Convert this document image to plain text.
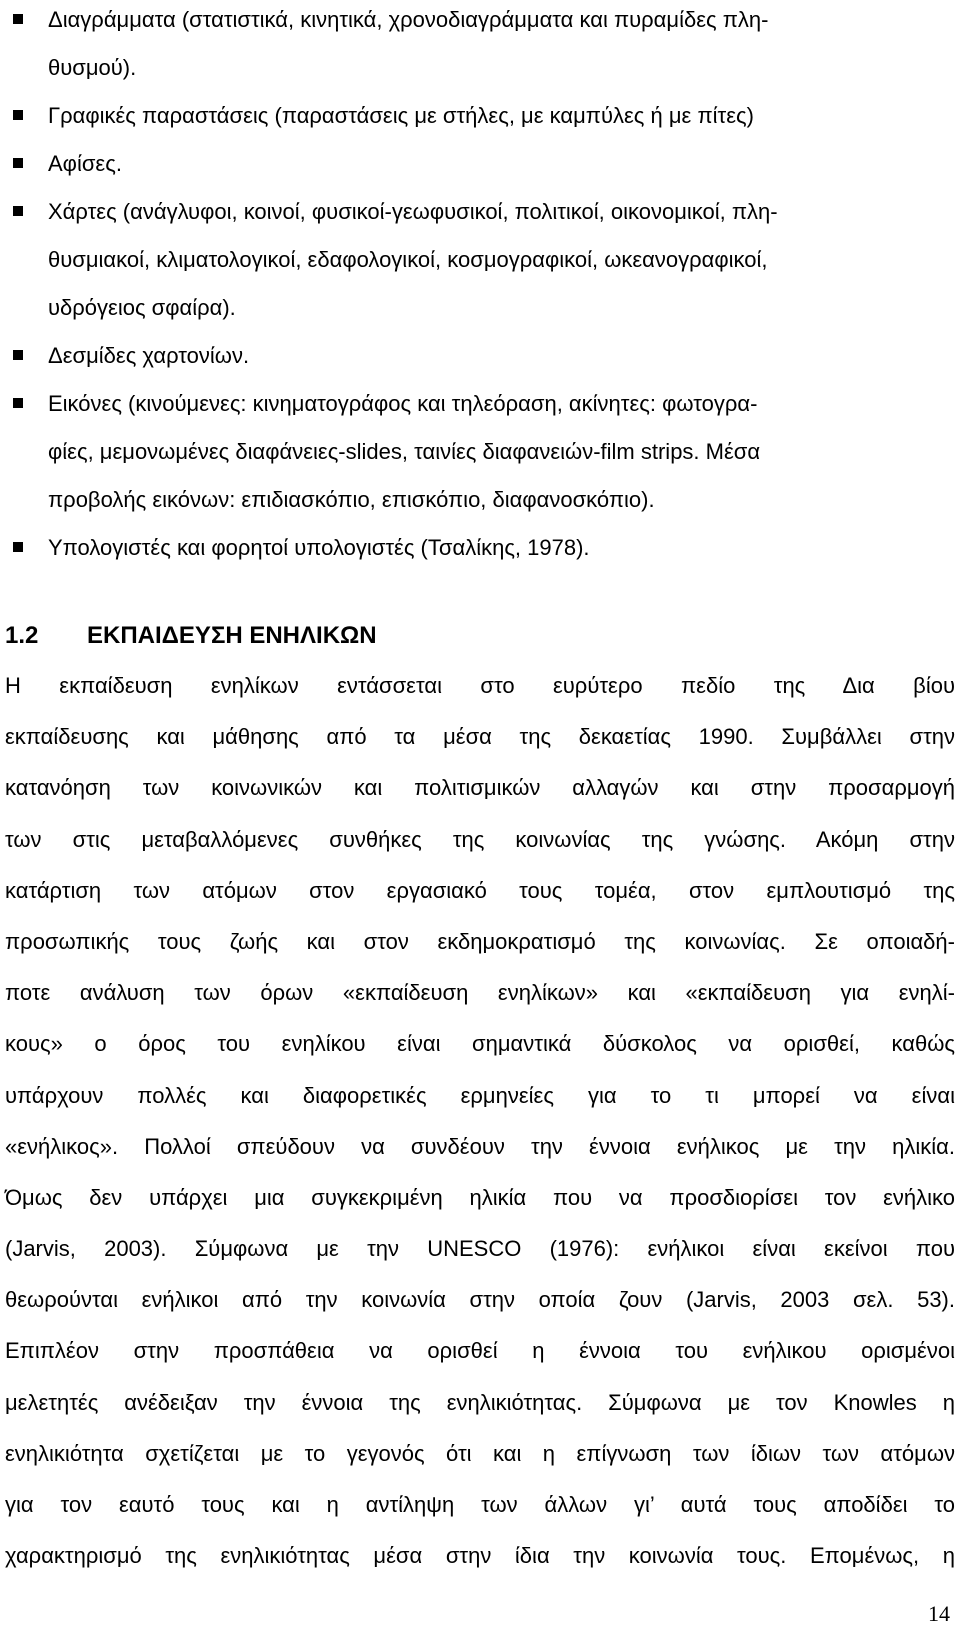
Διαγράμματα (στατιστικά, κινητικά, χρονοδιαγράμματα και πυραμίδες πλη-
θυσμού).
Γραφικές παραστάσεις (παραστάσεις με στήλες, με καμπύλες ή με πίτες)
Αφίσες.
Χάρτες (ανάγλυφοι, κοινοί, φυσικοί-γεωφυσικοί, πολιτικοί, οικονομικοί, πλη-
θυσμιακοί, κλιματολογικοί, εδαφολογικοί, κοσμογραφικοί, ωκεανογραφικοί,
υδρόγειος σφαίρα).
Δεσμίδες χαρτονίων.
Εικόνες (κινούμενες: κινηματογράφος και τηλεόραση, ακίνητες: φωτογρα-
φίες, μεμονωμένες διαφάνειες-slides, ταινίες διαφανειών-film strips. Μέσα
προβολής εικόνων: επιδιασκόπιο, επισκόπιο, διαφανοσκόπιο).
Υπολογιστές και φορητοί υπολογιστές (Τσαλίκης, 1978).
1.2 ΕΚΠΑΙΔΕΥΣΗ ΕΝΗΛΙΚΩΝ
Η εκπαίδευση ενηλίκων εντάσσεται στο ευρύτερο πεδίο της Δια βίου
εκπαίδευσης και μάθησης από τα μέσα της δεκαετίας 1990. Συμβάλλει στην
κατανόηση των κοινωνικών και πολιτισμικών αλλαγών και στην προσαρμογή
των στις μεταβαλλόμενες συνθήκες της κοινωνίας της γνώσης. Ακόμη στην
κατάρτιση των ατόμων στον εργασιακό τους τομέα, στον εμπλουτισμό της
προσωπικής τους ζωής και στον εκδημοκρατισμό της κοινωνίας. Σε οποιαδή-
ποτε ανάλυση των όρων «εκπαίδευση ενηλίκων» και «εκπαίδευση για ενηλί-
κους» ο όρος του ενηλίκου είναι σημαντικά δύσκολος να ορισθεί, καθώς
υπάρχουν πολλές και διαφορετικές ερμηνείες για το τι μπορεί να είναι
«ενήλικος». Πολλοί σπεύδουν να συνδέουν την έννοια ενήλικος με την ηλικία.
Όμως δεν υπάρχει μια συγκεκριμένη ηλικία που να προσδιορίσει τον ενήλικο
(Jarvis, 2003). Σύμφωνα με την UNESCO (1976): ενήλικοι είναι εκείνοι που
θεωρούνται ενήλικοι από την κοινωνία στην οποία ζουν (Jarvis, 2003 σελ. 53).
Επιπλέον στην προσπάθεια να ορισθεί η έννοια του ενήλικου ορισμένοι
μελετητές ανέδειξαν την έννοια της ενηλικιότητας. Σύμφωνα με τον Knowles η
ενηλικιότητα σχετίζεται με το γεγονός ότι και η επίγνωση των ίδιων των ατόμων
για τον εαυτό τους και η αντίληψη των άλλων γι’ αυτά τους αποδίδει το
χαρακτηρισμό της ενηλικιότητας μέσα στην ίδια την κοινωνία τους. Επομένως, η
14
